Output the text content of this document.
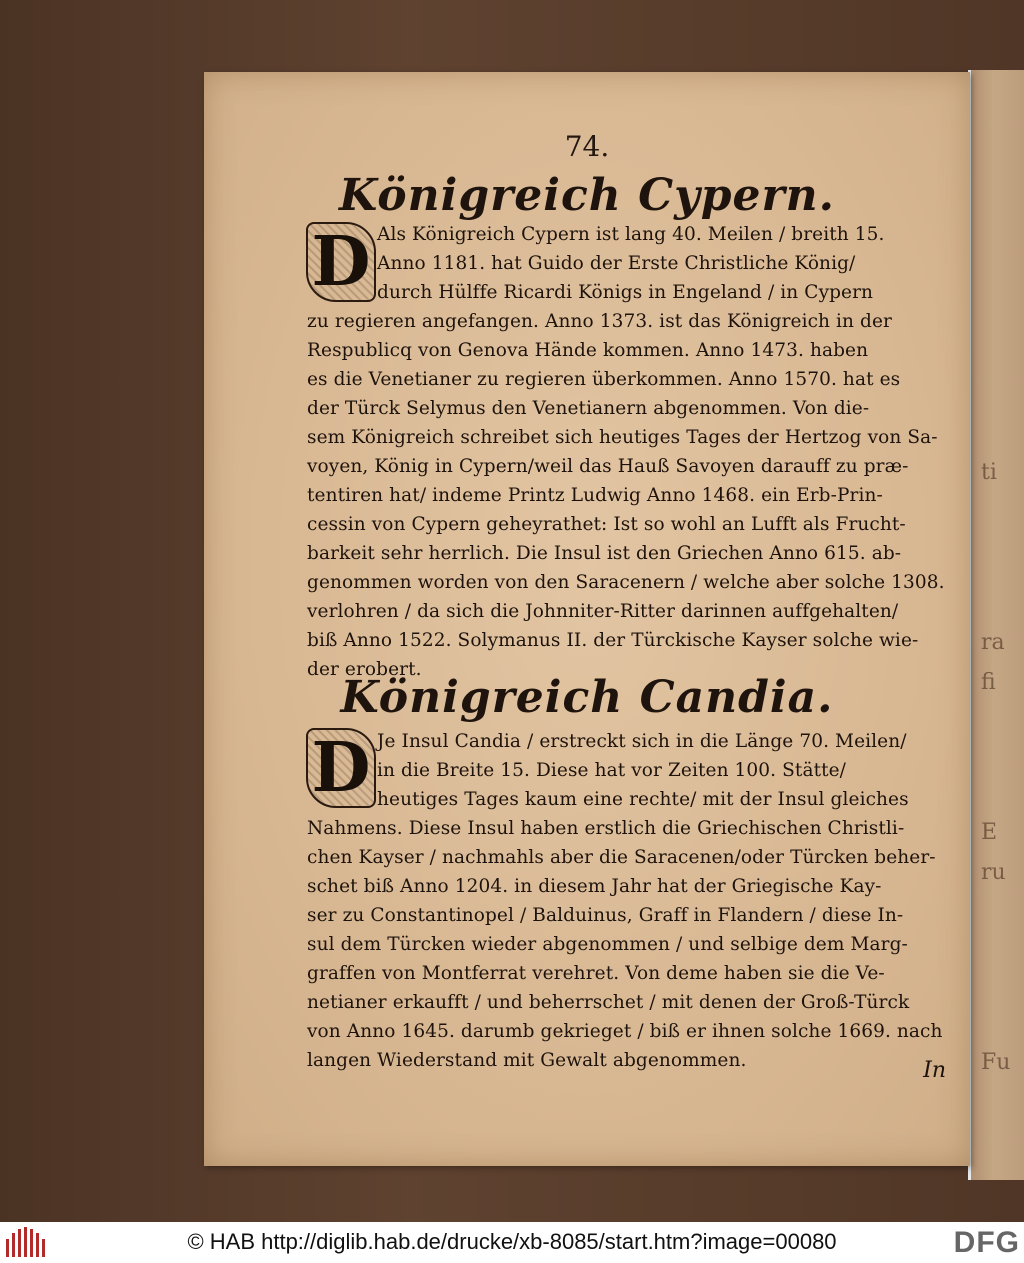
ti
ra
fi
E
ru
Fu
74.
Königreich Cypern.
D Als Königreich Cypern ist lang 40. Meilen / breith 15.
Anno 1181. hat Guido der Erste Christliche König/
durch Hülffe Ricardi Königs in Engeland / in Cypern
zu regieren angefangen. Anno 1373. ist das Königreich in der
Respublicq von Genova Hände kommen. Anno 1473. haben
es die Venetianer zu regieren überkommen. Anno 1570. hat es
der Türck Selymus den Venetianern abgenommen. Von die-
sem Königreich schreibet sich heutiges Tages der Hertzog von Sa-
voyen, König in Cypern/weil das Hauß Savoyen darauff zu præ-
tentiren hat/ indeme Printz Ludwig Anno 1468. ein Erb-Prin-
cessin von Cypern geheyrathet: Ist so wohl an Lufft als Frucht-
barkeit sehr herrlich. Die Insul ist den Griechen Anno 615. ab-
genommen worden von den Saracenern / welche aber solche 1308.
verlohren / da sich die Johnniter-Ritter darinnen auffgehalten/
biß Anno 1522. Solymanus II. der Türckische Kayser solche wie-
der erobert.
Königreich Candia.
D Je Insul Candia / erstreckt sich in die Länge 70. Meilen/
in die Breite 15. Diese hat vor Zeiten 100. Stätte/
heutiges Tages kaum eine rechte/ mit der Insul gleiches
Nahmens. Diese Insul haben erstlich die Griechischen Christli-
chen Kayser / nachmahls aber die Saracenen/oder Türcken beher-
schet biß Anno 1204. in diesem Jahr hat der Griegische Kay-
ser zu Constantinopel / Balduinus, Graff in Flandern / diese In-
sul dem Türcken wieder abgenommen / und selbige dem Marg-
graffen von Montferrat verehret. Von deme haben sie die Ve-
netianer erkaufft / und beherrschet / mit denen der Groß-Türck
von Anno 1645. darumb gekrieget / biß er ihnen solche 1669. nach
langen Wiederstand mit Gewalt abgenommen.	In
© HAB http://diglib.hab.de/drucke/xb-8085/start.htm?image=00080	DFG
